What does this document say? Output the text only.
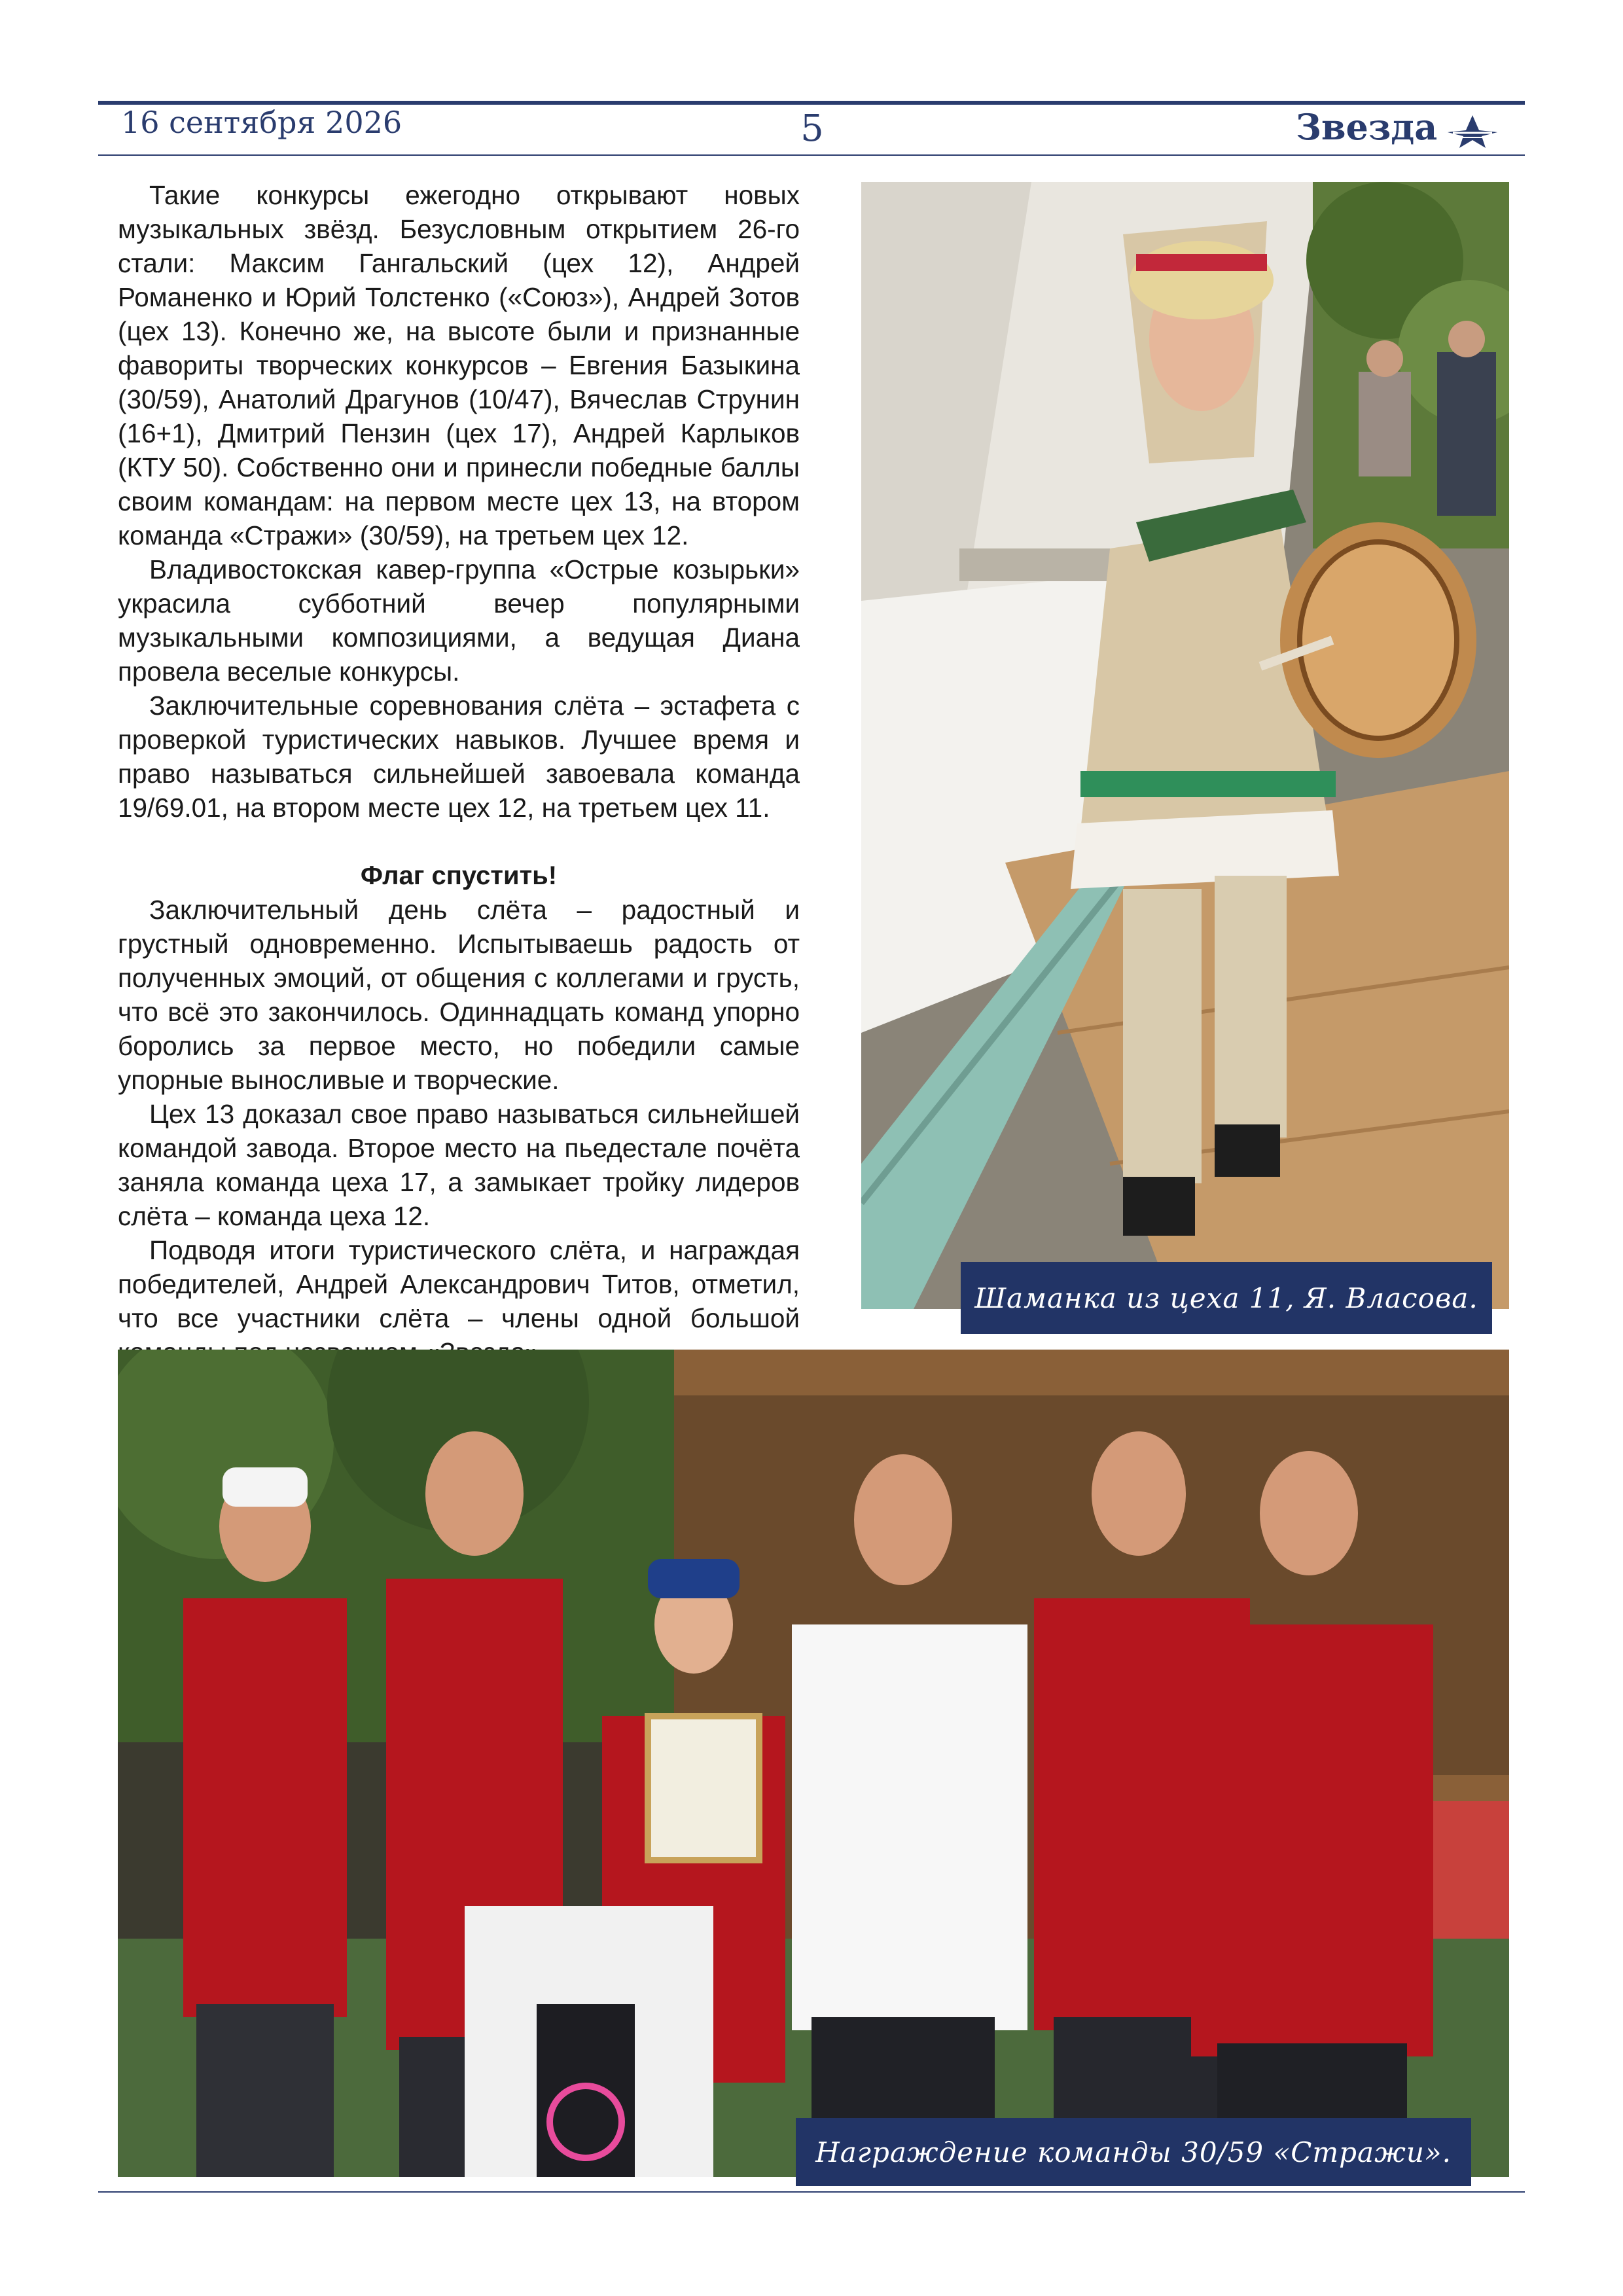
16 сентября 2026	5	Звезда

Такие конкурсы ежегодно открывают новых музыкальных звёзд. Безусловным открытием 26-го стали: Максим Гангальский (цех 12), Андрей Романенко и Юрий Толстенко («Союз»), Андрей Зотов (цех 13). Конечно же, на высоте были и признанные фавориты творческих конкурсов – Евгения Базыкина (30/59), Анатолий Драгунов (10/47), Вячеслав Струнин (16+1), Дмитрий Пензин (цех 17), Андрей Карлыков (КТУ 50). Собственно они и принесли победные баллы своим командам: на первом месте цех 13, на втором команда «Стражи» (30/59), на третьем цех 12.

Владивостокская кавер-группа «Острые козырьки» украсила субботний вечер популярными музыкальными композициями, а ведущая Диана провела веселые конкурсы.

Заключительные соревнования слёта – эстафета с проверкой туристических навыков. Лучшее время и право называться сильнейшей завоевала команда 19/69.01, на втором месте цех 12, на третьем цех 11.

Флаг спустить!

Заключительный день слёта – радостный и грустный одновременно. Испытываешь радость от полученных эмоций, от общения с коллегами и грусть, что всё это закончилось. Одиннадцать команд упорно боролись за первое место, но победили самые упорные выносливые и творческие.

Цех 13 доказал свое право называться сильнейшей командой завода. Второе место на пьедестале почёта заняла команда цеха 17, а замыкает тройку лидеров слёта – команда цеха 12.

Подводя итоги туристического слёта, и награждая победителей, Андрей Александрович Титов, отметил, что все участники слёта – члены одной большой

Шаманка из цеха 11, Я. Власова.
Награждение команды 30/59 «Стражи».
